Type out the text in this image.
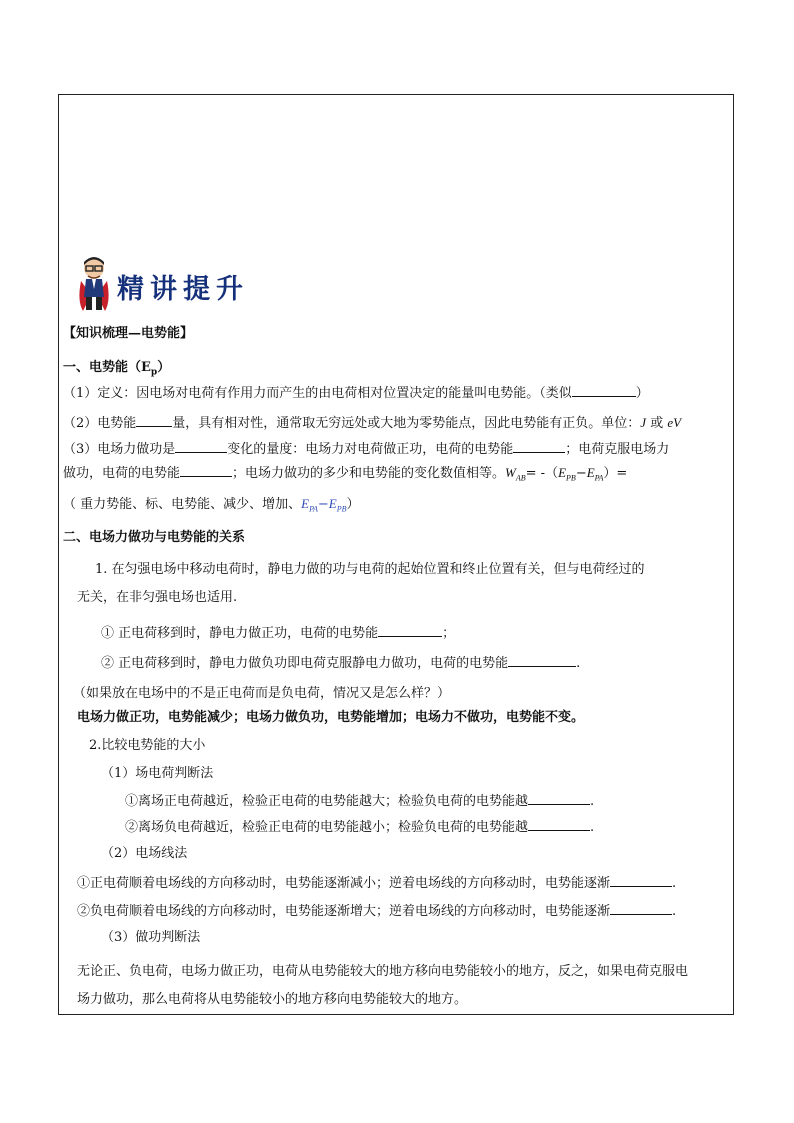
精讲提升
【知识梳理—电势能】
一、电势能$(E_p)$
（1）定义：因电场对电荷有作用力而产生的由电荷相对位置决定的能量叫电势能。（类似	）
（2）电势能	量，具有相对性，通常取无穷远处或大地为零势能点，因此电势能有正负。单位：J 或 eV
（3）电场力做功是	变化的量度：电场力对电荷做正功，电荷的电势能	；电荷克服电场力
做功，电荷的电势能	；电场力做功的多少和电势能的变化数值相等。$W_{AB}= -(E_{PB}-E_{PA})=$
（ 重力势能、标、电势能、减少、增加、$E_{PA}-E_{PB}$）
二、电场力做功与电势能的关系
1. 在匀强电场中移动电荷时，静电力做的功与电荷的起始位置和终止位置有关，但与电荷经过的
无关，在非匀强电场也适用.
① 正电荷移到时，静电力做正功，电荷的电势能	；
② 正电荷移到时，静电力做负功即电荷克服静电力做功，电荷的电势能	.
（如果放在电场中的不是正电荷而是负电荷，情况又是怎么样？）
电场力做正功，电势能减少；电场力做负功，电势能增加；电场力不做功，电势能不变。
2.比较电势能的大小
（1）场电荷判断法
①离场正电荷越近，检验正电荷的电势能越大；检验负电荷的电势能越	.
②离场负电荷越近，检验正电荷的电势能越小；检验负电荷的电势能越	.
（2）电场线法
①正电荷顺着电场线的方向移动时，电势能逐渐减小；逆着电场线的方向移动时，电势能逐渐	.
②负电荷顺着电场线的方向移动时，电势能逐渐增大；逆着电场线的方向移动时，电势能逐渐	.
（3）做功判断法
无论正、负电荷，电场力做正功，电荷从电势能较大的地方移向电势能较小的地方，反之，如果电荷克服电
场力做功，那么电荷将从电势能较小的地方移向电势能较大的地方。
